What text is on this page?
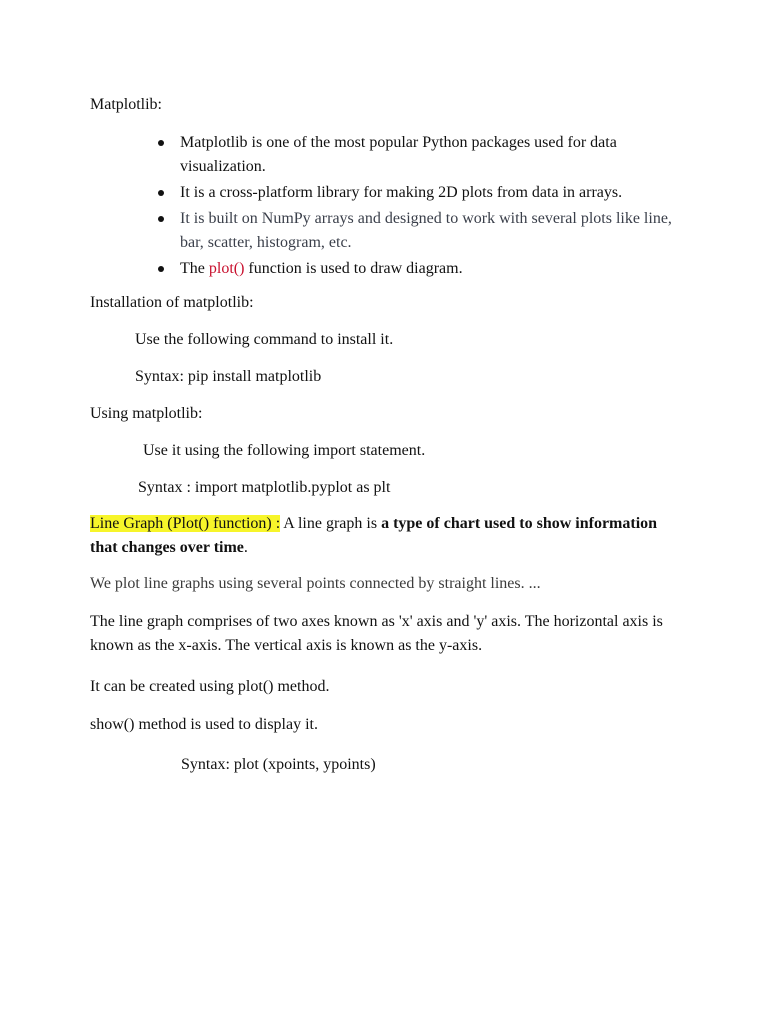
Matplotlib:
Matplotlib is one of the most popular Python packages used for data visualization.
It is a cross-platform library for making 2D plots from data in arrays.
It is built on NumPy arrays and designed to work with several plots like line, bar, scatter, histogram, etc.
The plot() function is used to draw diagram.
Installation of matplotlib:
Use the following command to install it.
Syntax: pip install matplotlib
Using matplotlib:
Use it using the following import statement.
Syntax : import matplotlib.pyplot as plt
Line Graph (Plot() function) : A line graph is a type of chart used to show information that changes over time.
We plot line graphs using several points connected by straight lines. ...
The line graph comprises of two axes known as 'x' axis and 'y' axis. The horizontal axis is known as the x-axis. The vertical axis is known as the y-axis.
It can be created using plot() method.
show() method is used to display it.
Syntax: plot (xpoints, ypoints)
